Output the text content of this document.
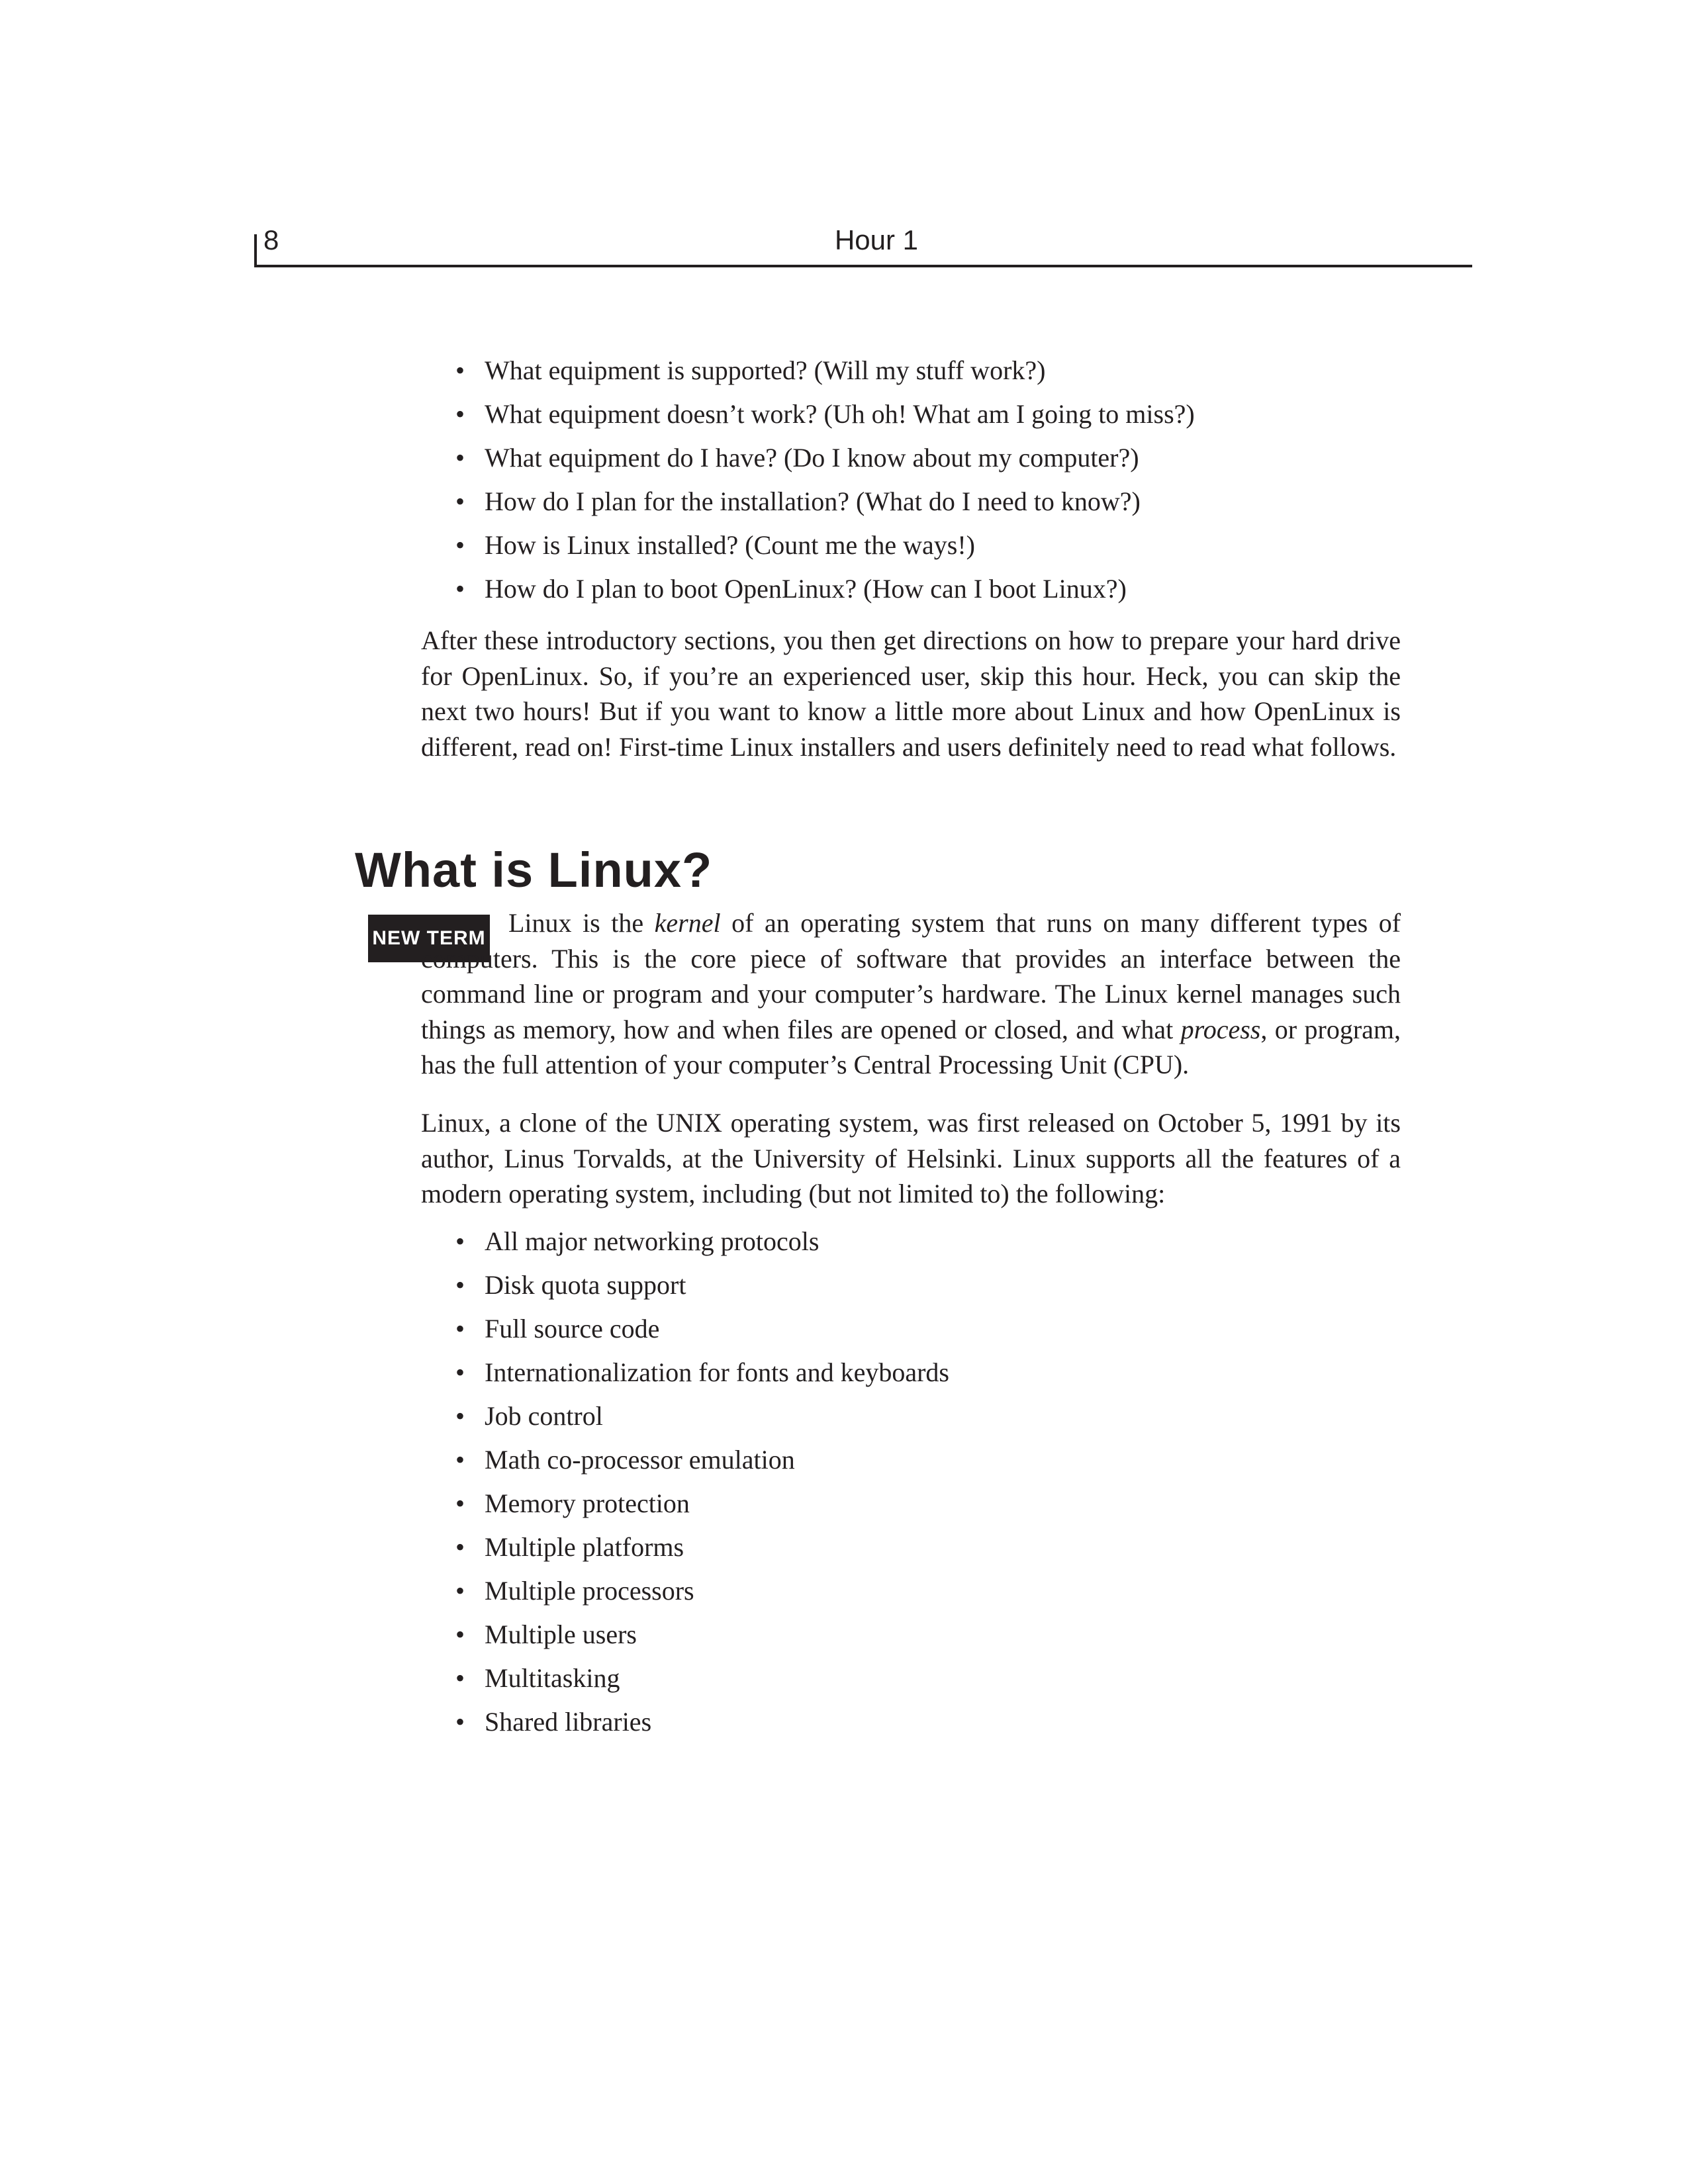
8	Hour 1
• What equipment is supported? (Will my stuff work?)
• What equipment doesn’t work? (Uh oh! What am I going to miss?)
• What equipment do I have? (Do I know about my computer?)
• How do I plan for the installation? (What do I need to know?)
• How is Linux installed? (Count me the ways!)
• How do I plan to boot OpenLinux? (How can I boot Linux?)

After these introductory sections, you then get directions on how to prepare your hard drive for OpenLinux. So, if you’re an experienced user, skip this hour. Heck, you can skip the next two hours! But if you want to know a little more about Linux and how OpenLinux is different, read on! First-time Linux installers and users definitely need to read what follows.

What is Linux?
NEW TERM

Linux is the kernel of an operating system that runs on many different types of computers. This is the core piece of software that provides an interface between the command line or program and your computer’s hardware. The Linux kernel manages such things as memory, how and when files are opened or closed, and what process, or program, has the full attention of your computer’s Central Processing Unit (CPU).

Linux, a clone of the UNIX operating system, was first released on October 5, 1991 by its author, Linus Torvalds, at the University of Helsinki. Linux supports all the features of a modern operating system, including (but not limited to) the following:

• All major networking protocols
• Disk quota support
• Full source code
• Internationalization for fonts and keyboards
• Job control
• Math co-processor emulation
• Memory protection
• Multiple platforms
• Multiple processors
• Multiple users
• Multitasking
• Shared libraries
